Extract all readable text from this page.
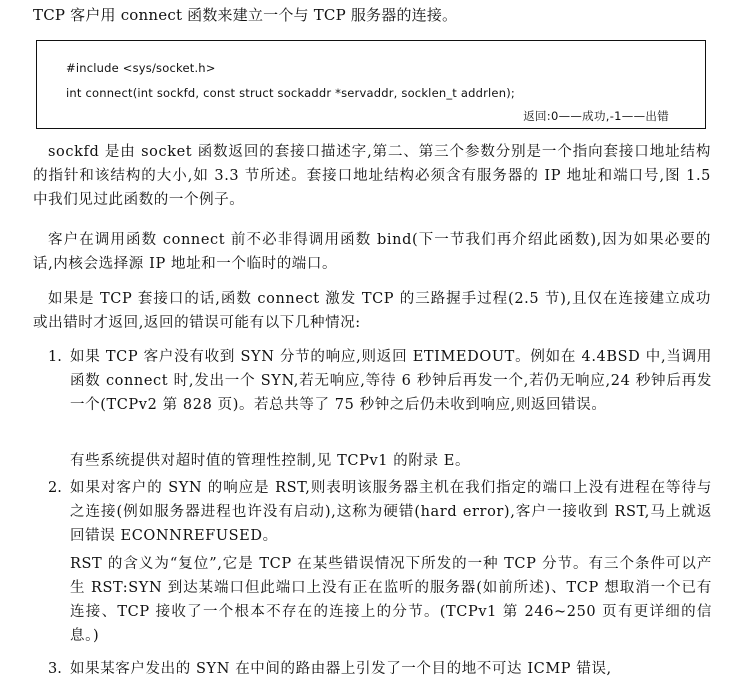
TCP 客户用 connect 函数来建立一个与 TCP 服务器的连接。
#include <sys/socket.h>
int connect(int sockfd, const struct sockaddr *servaddr, socklen_t addrlen);
返回:0——成功,-1——出错
sockfd 是由 socket 函数返回的套接口描述字,第二、第三个参数分别是一个指向套接口地址结构的指针和该结构的大小,如 3.3 节所述。套接口地址结构必须含有服务器的 IP 地址和端口号,图 1.5 中我们见过此函数的一个例子。
客户在调用函数 connect 前不必非得调用函数 bind(下一节我们再介绍此函数),因为如果必要的话,内核会选择源 IP 地址和一个临时的端口。
如果是 TCP 套接口的话,函数 connect 激发 TCP 的三路握手过程(2.5 节),且仅在连接建立成功或出错时才返回,返回的错误可能有以下几种情况:
1. 如果 TCP 客户没有收到 SYN 分节的响应,则返回 ETIMEDOUT。例如在 4.4BSD 中,当调用函数 connect 时,发出一个 SYN,若无响应,等待 6 秒钟后再发一个,若仍无响应,24 秒钟后再发一个(TCPv2 第 828 页)。若总共等了 75 秒钟之后仍未收到响应,则返回错误。
有些系统提供对超时值的管理性控制,见 TCPv1 的附录 E。
2. 如果对客户的 SYN 的响应是 RST,则表明该服务器主机在我们指定的端口上没有进程在等待与之连接(例如服务器进程也许没有启动),这称为硬错(hard error),客户一接收到 RST,马上就返回错误 ECONNREFUSED。
RST 的含义为“复位”,它是 TCP 在某些错误情况下所发的一种 TCP 分节。有三个条件可以产生 RST:SYN 到达某端口但此端口上没有正在监听的服务器(如前所述)、TCP 想取消一个已有连接、TCP 接收了一个根本不存在的连接上的分节。(TCPv1 第 246~250 页有更详细的信息。)
3. 如果某客户发出的 SYN 在中间的路由器上引发了一个目的地不可达 ICMP 错误,
